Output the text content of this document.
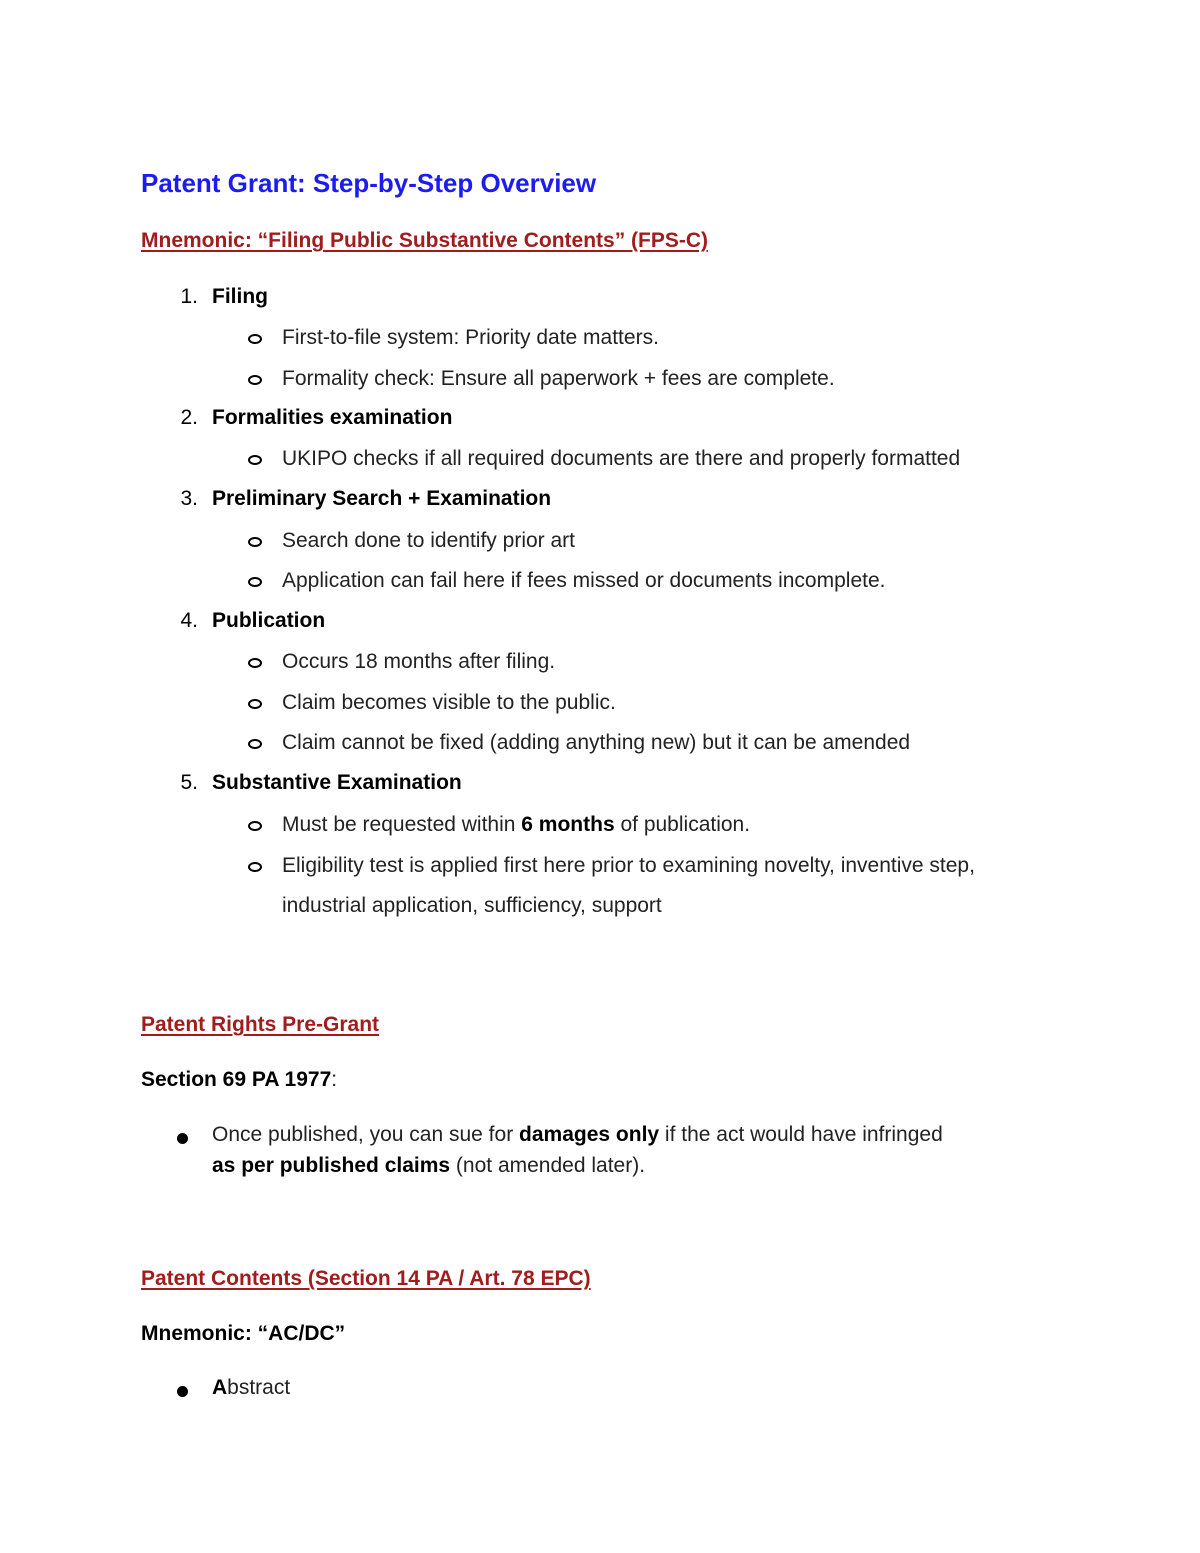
Patent Grant: Step-by-Step Overview
Mnemonic: “Filing Public Substantive Contents” (FPS-C)
1. Filing
First-to-file system: Priority date matters.
Formality check: Ensure all paperwork + fees are complete.
2. Formalities examination
UKIPO checks if all required documents are there and properly formatted
3. Preliminary Search + Examination
Search done to identify prior art
Application can fail here if fees missed or documents incomplete.
4. Publication
Occurs 18 months after filing.
Claim becomes visible to the public.
Claim cannot be fixed (adding anything new) but it can be amended
5. Substantive Examination
Must be requested within 6 months of publication.
Eligibility test is applied first here prior to examining novelty, inventive step,
industrial application, sufficiency, support
Patent Rights Pre-Grant
Section 69 PA 1977:
Once published, you can sue for damages only if the act would have infringed
as per published claims (not amended later).
Patent Contents (Section 14 PA / Art. 78 EPC)
Mnemonic: “AC/DC”
Abstract
